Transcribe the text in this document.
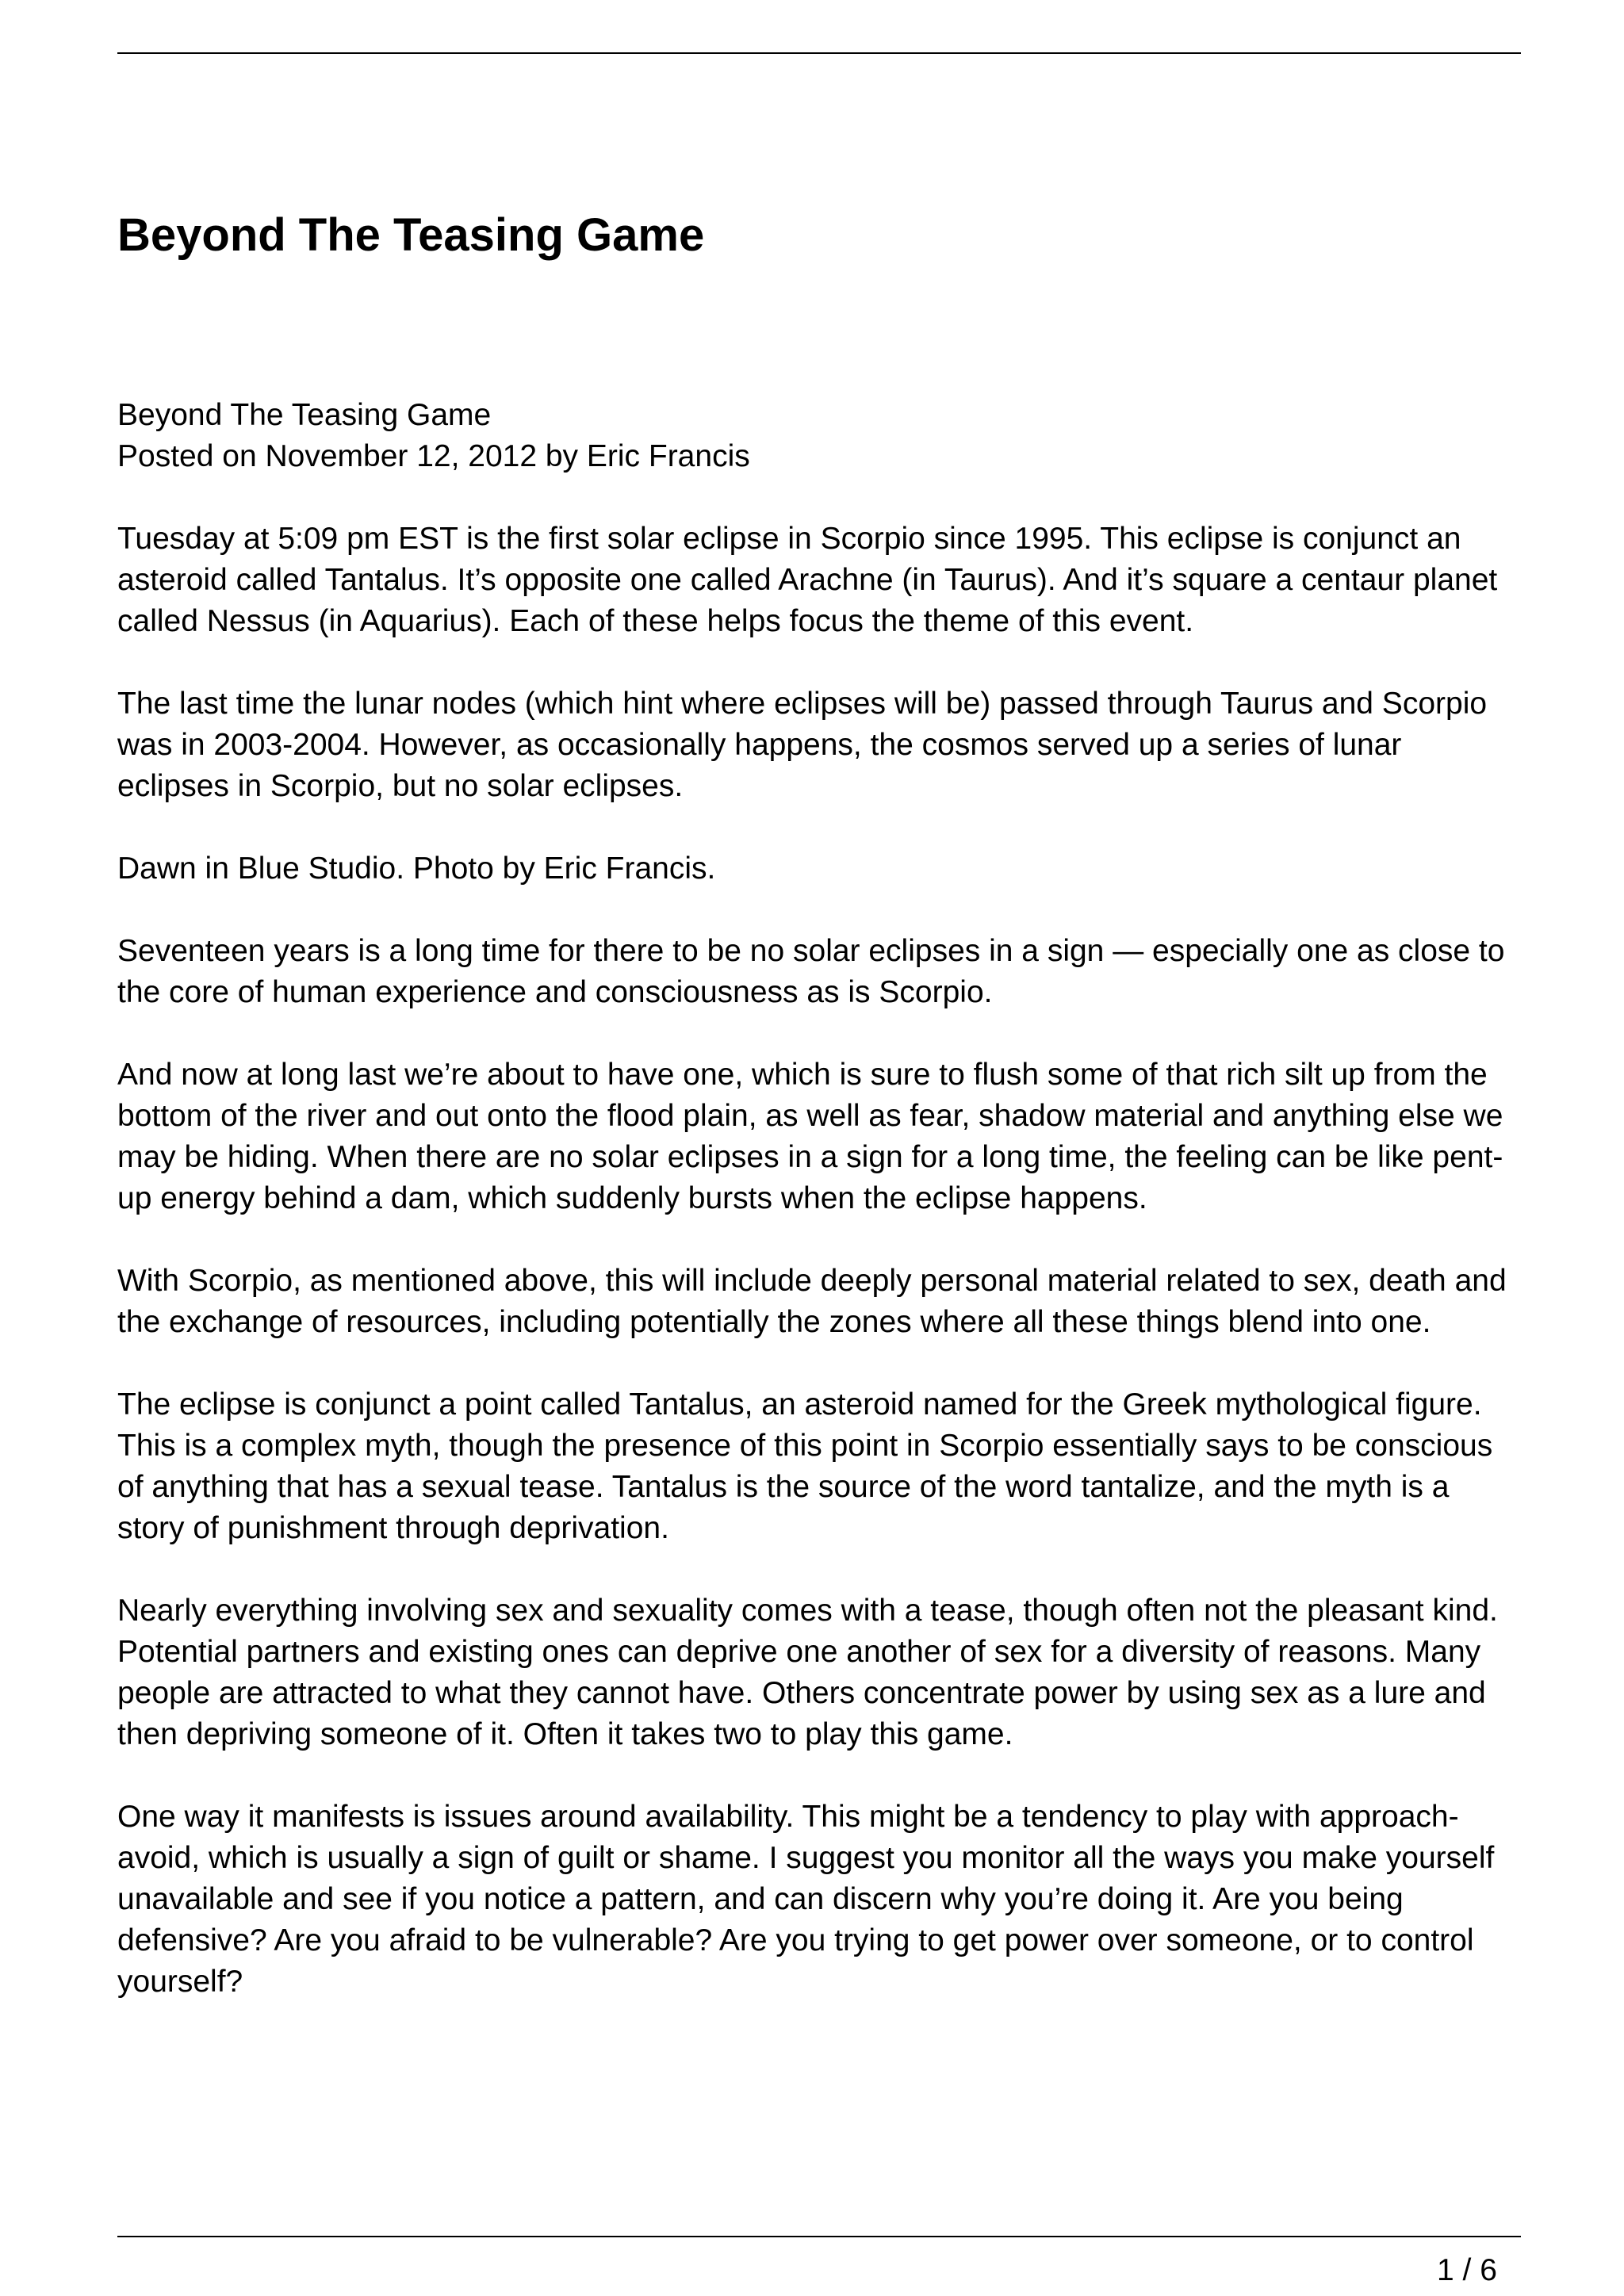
Beyond The Teasing Game

Beyond The Teasing Game

Posted on November 12, 2012 by Eric Francis

Tuesday at 5:09 pm EST is the first solar eclipse in Scorpio since 1995. This eclipse is conjunct an asteroid called Tantalus. It’s opposite one called Arachne (in Taurus). And it’s square a centaur planet called Nessus (in Aquarius). Each of these helps focus the theme of this event.

The last time the lunar nodes (which hint where eclipses will be) passed through Taurus and Scorpio was in 2003-2004. However, as occasionally happens, the cosmos served up a series of lunar eclipses in Scorpio, but no solar eclipses.

Dawn in Blue Studio. Photo by Eric Francis.

Seventeen years is a long time for there to be no solar eclipses in a sign — especially one as close to the core of human experience and consciousness as is Scorpio.

And now at long last we’re about to have one, which is sure to flush some of that rich silt up from the bottom of the river and out onto the flood plain, as well as fear, shadow material and anything else we may be hiding. When there are no solar eclipses in a sign for a long time, the feeling can be like pent-up energy behind a dam, which suddenly bursts when the eclipse happens.

With Scorpio, as mentioned above, this will include deeply personal material related to sex, death and the exchange of resources, including potentially the zones where all these things blend into one.

The eclipse is conjunct a point called Tantalus, an asteroid named for the Greek mythological figure. This is a complex myth, though the presence of this point in Scorpio essentially says to be conscious of anything that has a sexual tease. Tantalus is the source of the word tantalize, and the myth is a story of punishment through deprivation.

Nearly everything involving sex and sexuality comes with a tease, though often not the pleasant kind. Potential partners and existing ones can deprive one another of sex for a diversity of reasons. Many people are attracted to what they cannot have. Others concentrate power by using sex as a lure and then depriving someone of it. Often it takes two to play this game.

One way it manifests is issues around availability. This might be a tendency to play with approach-avoid, which is usually a sign of guilt or shame. I suggest you monitor all the ways you make yourself unavailable and see if you notice a pattern, and can discern why you’re doing it. Are you being defensive? Are you afraid to be vulnerable? Are you trying to get power over someone, or to control yourself?

1 / 6
